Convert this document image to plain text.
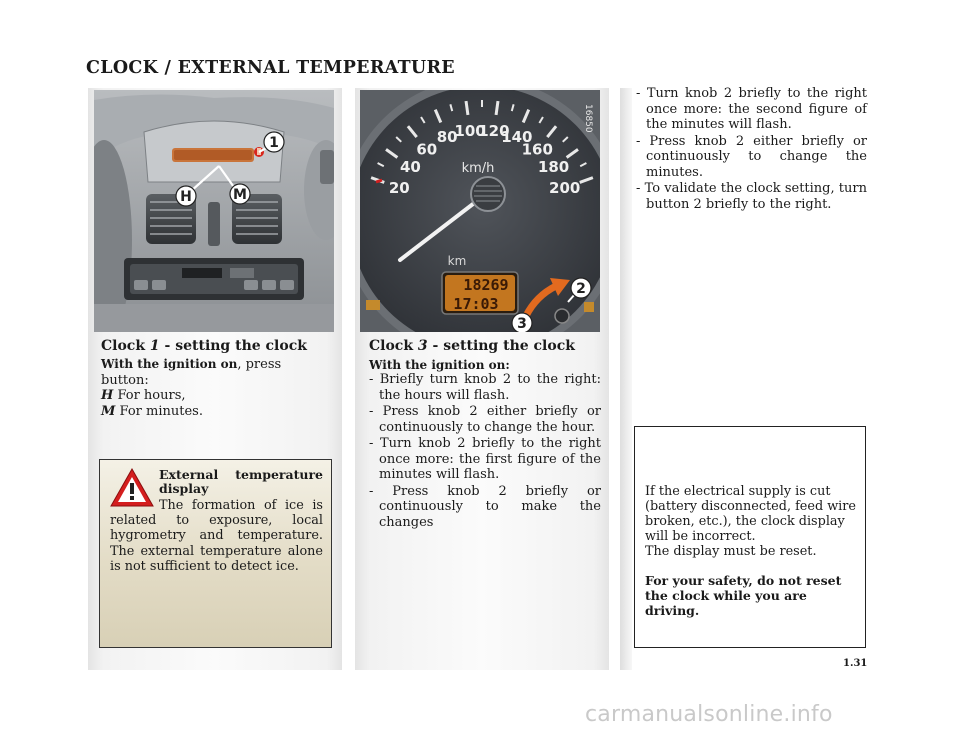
CLOCK / EXTERNAL TEMPERATURE
1
H	M
Clock 1 - setting the clock
With the ignition on, press button:
H For hours,
M For minutes.
External temperature display
The formation of ice is related to exposure, local hygrometry and temperature. The external temperature alone is not sufficient to detect ice.
20
40
60
80
100
120
140
160
180
200
km/h
km
18269
17:03
16850
2
3
Clock 3 - setting the clock
With the ignition on:
- Briefly turn knob 2 to the right: the hours will flash.
- Press knob 2 either briefly or continuously to change the hour.
- Turn knob 2 briefly to the right once more: the first figure of the minutes will flash.
- Press knob 2 briefly or continuously to make the changes
- Turn knob 2 briefly to the right once more: the second figure of the minutes will flash.
- Press knob 2 either briefly or continuously to change the minutes.
- To validate the clock setting, turn button 2 briefly to the right.
If the electrical supply is cut (battery disconnected, feed wire broken, etc.), the clock display will be incorrect.
The display must be reset.
For your safety, do not reset the clock while you are driving.
1.31
carmanualsonline.info
